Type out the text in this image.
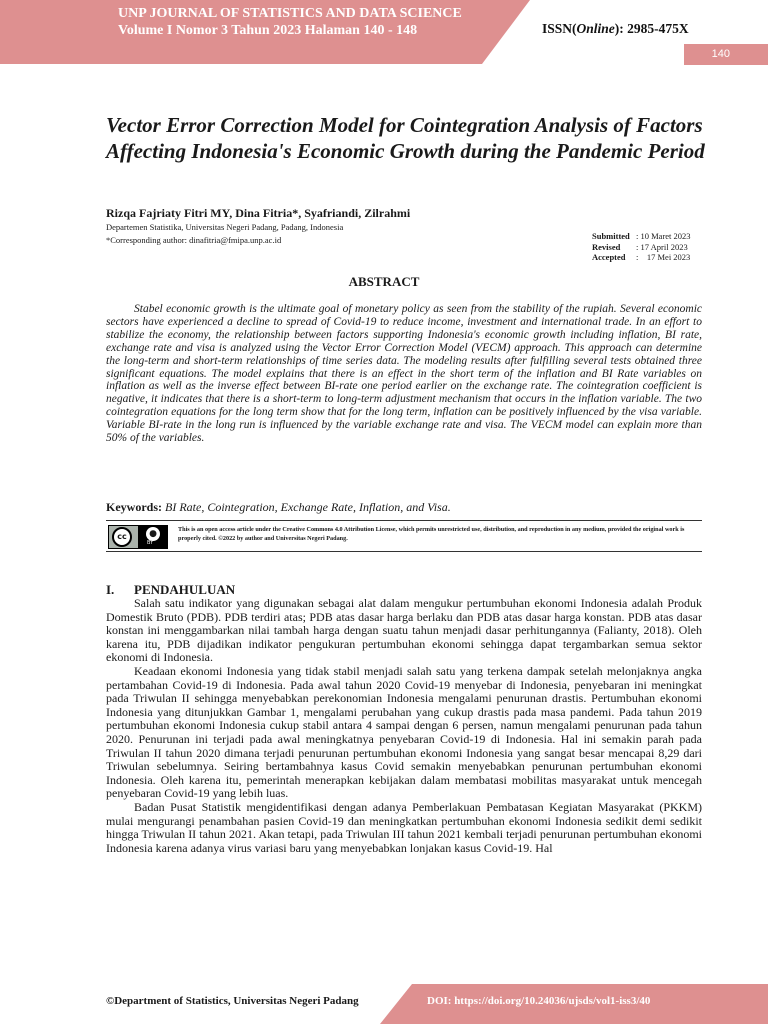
UNP JOURNAL OF STATISTICS AND DATA SCIENCE
Volume I Nomor 3 Tahun 2023 Halaman 140 - 148	ISSN(Online): 2985-475X
140
Vector Error Correction Model for Cointegration Analysis of Factors Affecting Indonesia's Economic Growth during the Pandemic Period
Rizqa Fajriaty Fitri MY, Dina Fitria*, Syafriandi, Zilrahmi
Departemen Statistika, Universitas Negeri Padang, Padang, Indonesia
*Corresponding author: dinafitria@fmipa.unp.ac.id	Submitted : 10 Maret 2023
Revised	: 17 April 2023
Accepted	:    17 Mei 2023
ABSTRACT
Stabel economic growth is the ultimate goal of monetary policy as seen from the stability of the rupiah. Several economic sectors have experienced a decline to spread of Covid-19 to reduce income, investment and international trade. In an effort to stabilize the economy, the relationship between factors supporting Indonesia's economic growth including inflation, BI rate, exchange rate and visa is analyzed using the Vector Error Correction Model (VECM) approach. This approach can determine the long-term and short-term relationships of time series data. The modeling results after fulfilling several tests obtained three significant equations. The model explains that there is an effect in the short term of the inflation and BI Rate variables on inflation as well as the inverse effect between BI-rate one period earlier on the exchange rate. The cointegration coefficient is negative, it indicates that there is a short-term to long-term adjustment mechanism that occurs in the inflation variable. The two cointegration equations for the long term show that for the long term, inflation can be positively influenced by the visa variable. Variable BI-rate in the long run is influenced by the variable exchange rate and visa. The VECM model can explain more than 50% of the variables.
Keywords: BI Rate, Cointegration, Exchange Rate, Inflation, and Visa.
cc	●
BY
This is an open access article under the Creative Commons 4.0 Attribution License, which permits unrestricted use, distribution, and reproduction in any medium, provided the original work is properly cited. ©2022 by author and Universitas Negeri Padang.
I. PENDAHULUAN

Salah satu indikator yang digunakan sebagai alat dalam mengukur pertumbuhan ekonomi Indonesia adalah Produk Domestik Bruto (PDB). PDB terdiri atas; PDB atas dasar harga berlaku dan PDB atas dasar harga konstan. PDB atas dasar konstan ini menggambarkan nilai tambah harga dengan suatu tahun menjadi dasar perhitungannya (Falianty, 2018). Oleh karena itu, PDB dijadikan indikator pengukuran pertumbuhan ekonomi sehingga dapat tergambarkan semua sektor ekonomi di Indonesia.

Keadaan ekonomi Indonesia yang tidak stabil menjadi salah satu yang terkena dampak setelah melonjaknya angka pertambahan Covid-19 di Indonesia. Pada awal tahun 2020 Covid-19 menyebar di Indonesia, penyebaran ini meningkat pada Triwulan II sehingga menyebabkan perekonomian Indonesia mengalami penurunan drastis. Pertumbuhan ekonomi Indonesia yang ditunjukkan Gambar 1, mengalami perubahan yang cukup drastis pada masa pandemi. Pada tahun 2019 pertumbuhan ekonomi Indonesia cukup stabil antara 4 sampai dengan 6 persen, namun mengalami penurunan pada tahun 2020. Penurunan ini terjadi pada awal meningkatnya penyebaran Covid-19 di Indonesia. Hal ini semakin parah pada Triwulan II tahun 2020 dimana terjadi penurunan pertumbuhan ekonomi Indonesia yang sangat besar mencapai 8,29 dari Triwulan sebelumnya. Seiring bertambahnya kasus Covid semakin menyebabkan penurunan pertumbuhan ekonomi Indonesia. Oleh karena itu, pemerintah menerapkan kebijakan dalam membatasi mobilitas masyarakat untuk mencegah penyebaran Covid-19 yang lebih luas.

Badan Pusat Statistik mengidentifikasi dengan adanya Pemberlakuan Pembatasan Kegiatan Masyarakat (PKKM) mulai mengurangi penambahan pasien Covid-19 dan meningkatkan pertumbuhan ekonomi Indonesia sedikit demi sedikit hingga Triwulan II tahun 2021. Akan tetapi, pada Triwulan III tahun 2021 kembali terjadi penurunan pertumbuhan ekonomi Indonesia karena adanya virus variasi baru yang menyebabkan lonjakan kasus Covid-19. Hal

©Department of Statistics, Universitas Negeri Padang	DOI: https://doi.org/10.24036/ujsds/vol1-iss3/40
